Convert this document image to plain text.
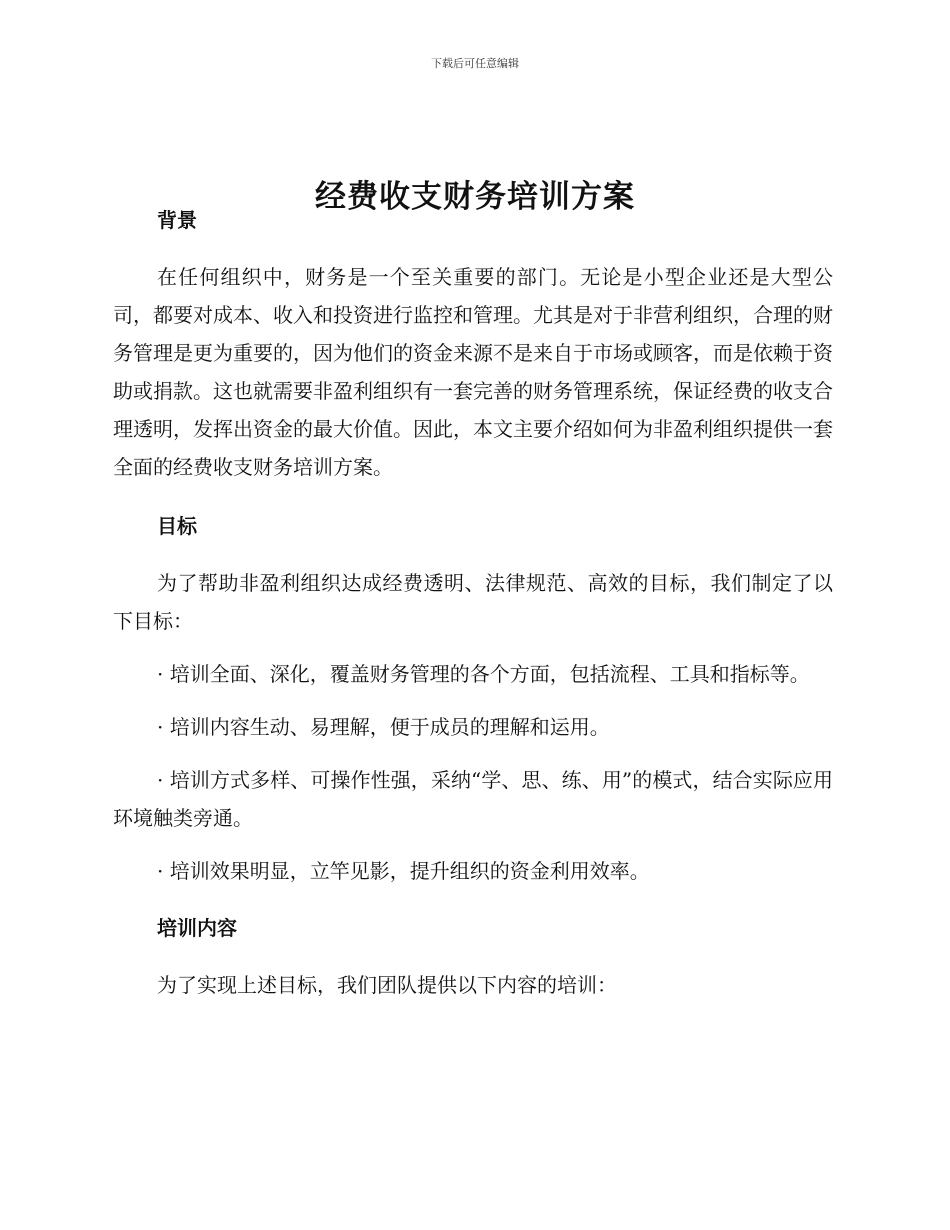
下载后可任意编辑
经费收支财务培训方案
背景

在任何组织中，财务是一个至关重要的部门。无论是小型企业还是大型公司，都要对成本、收入和投资进行监控和管理。尤其是对于非营利组织，合理的财务管理是更为重要的，因为他们的资金来源不是来自于市场或顾客，而是依赖于资助或捐款。这也就需要非盈利组织有一套完善的财务管理系统，保证经费的收支合理透明，发挥出资金的最大价值。因此，本文主要介绍如何为非盈利组织提供一套全面的经费收支财务培训方案。

目标

为了帮助非盈利组织达成经费透明、法律规范、高效的目标，我们制定了以下目标：

· 培训全面、深化，覆盖财务管理的各个方面，包括流程、工具和指标等。

· 培训内容生动、易理解，便于成员的理解和运用。

· 培训方式多样、可操作性强，采纳“学、思、练、用”的模式，结合实际应用环境触类旁通。

· 培训效果明显，立竿见影，提升组织的资金利用效率。

培训内容

为了实现上述目标，我们团队提供以下内容的培训：
